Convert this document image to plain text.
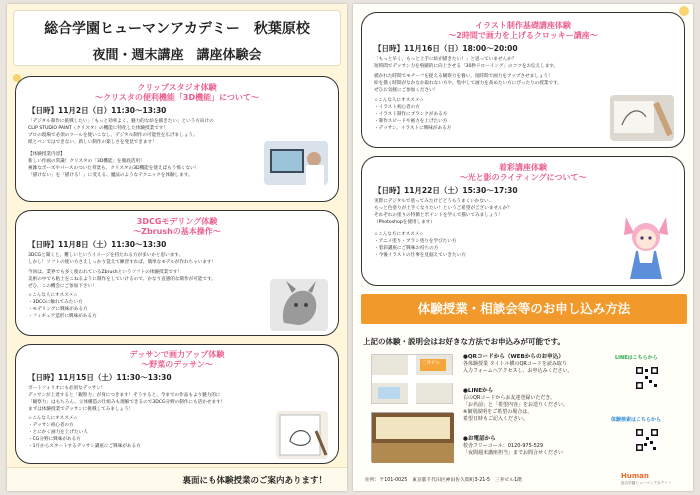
総合学園ヒューマンアカデミー　秋葉原校
夜間・週末講座　講座体験会
クリップスタジオ体験
〜クリスタの便利機能「3D機能」について〜
【日時】11月2日（日）11:30～13:30

「デジタル制作に挑戦したい」「もっと効率よく、魅力的な絵を描きたい」という方向けの

CLIP STUDIO PAINT（クリスタ）の機能に特化した体験授業です！

プロの現場で必須のツールを使いこなし、デジタル制作の可能性を広げましょう。

紙とペンではできない、新しい制作の楽しさを発見できます！

【体験授業内容】

新しい作画の常識！クリスタの「3D機能」を徹底活用！

複雑なポーズやパースのついた背景も、クリスタの3D機能を使えばもう怖くない！

「描けない」を「描ける！」に変える、魔法のようなテクニックを体験します。

3DCGモデリング体験
〜Zbrushの基本操作〜
【日時】11月8日（土）11:30～13:30

3DCGと聞くと、難しいというイメージを持たれる方が多いかと思います。

しかし！ソフトの使い方さえしっかり覚えて練習すれば、簡単なモデルが作れちゃいます！

今回は、業界でも多く使われているZbrushというソフトの体験授業です！

美術の中でも粘土をこねるように制作をしていけるので、かなり直感的な制作が可能です。

ぜひ、この機会にご参加下さい！

☆こんな人にオススメ☆

・3DCGに触れてみたい方

・モデリングに興味がある方

・フィギュア造形に興味がある方

デッサンで画力アップ体験
〜野菜のデッサン〜
【日時】11月15日（土）11:30～13:30

ポートフォリオにも必須なデッサン！

デッサンが上達すると「観察力」が身につきます！そうすると、今までの作品もより魅力的に

「観察力」はもちろん、立体構造の仕組みも理解できるので3DCG分野の制作にも活かせます！

まずは体験授業でデッサンに挑戦してみましょう！

☆こんな人にオススメ☆

・デッサン初心者の方

・とにかく画力を上げたい人

・CG分野に興味がある方

・1月からスタートするデッサン講座にご興味がある方

裏面にも体験授業のご案内あります！
イラスト制作基礎講座体験
〜2時間で画力を上げるクロッキー講座〜
【日時】11月16日（日）18:00～20:00

「もっと早く、もっと上手に絵が描きたい！」と思っていませんか？

短時間でデッサン力を飛躍的に向上させる「30秒ドローイング」のコツをお伝えします。

描かれた時間でモチーフを捉える観察力を養い、短時間で画力をアップさせましょう！

絵を描く時間がなかなか取れない方や、集中して画力を高めたい方にぴったりの授業です。

ぜひお気軽にご参加ください！

☆こんな人にオススメ☆

・イラスト初心者の方

・イラスト制作にブランクがある方

・制作スピードや画力を上げたい方

・デッサン、イラストに興味がある方

着彩講座体験
〜光と影のライティングについて〜
【日時】11月22日（土）15:30～17:30

実際にデジタルで塗ってみたけどどうもうまくいかない...

もっと色塗りが上手くなりたい！というご希望がございませんか？

それぞれの塗りの特徴とポイントを学んで描いてみましょう！

（Photoshopを使用します）

☆こんな方にオススメ☆

・アニメ塗り・ブラシ塗りを学びたい方

・着彩講座にご興味お持ちの方

・今後イラストの仕事を見据えていきたい方

体験授業・相談会等のお申し込み方法
上記の体験・説明会はお好きな方法でお申込みが可能です。
三井ビル
●QRコードから（WEBからのお申込）
各体験授業 タイトル横のQRコードを読み取り
入力フォームへアクセスし、お申込みください。
●LINEから
右のQRコードからお友達登録いただき、
「お名前」と「希望内容」をお送りください。
※個別説明をご希望の場合は、
希望日時もご記入ください。
●お電話から
校舎フリーコール：0120-975-529
「夜間週末講座担当」までお問合せください
LINEはこちらから
体験検索はこちらから
住所：〒101-0025　東京都千代田区神田佐久間町3-21-5　三井ビル1階
Human
総合学園ヒューマンアカデミー
